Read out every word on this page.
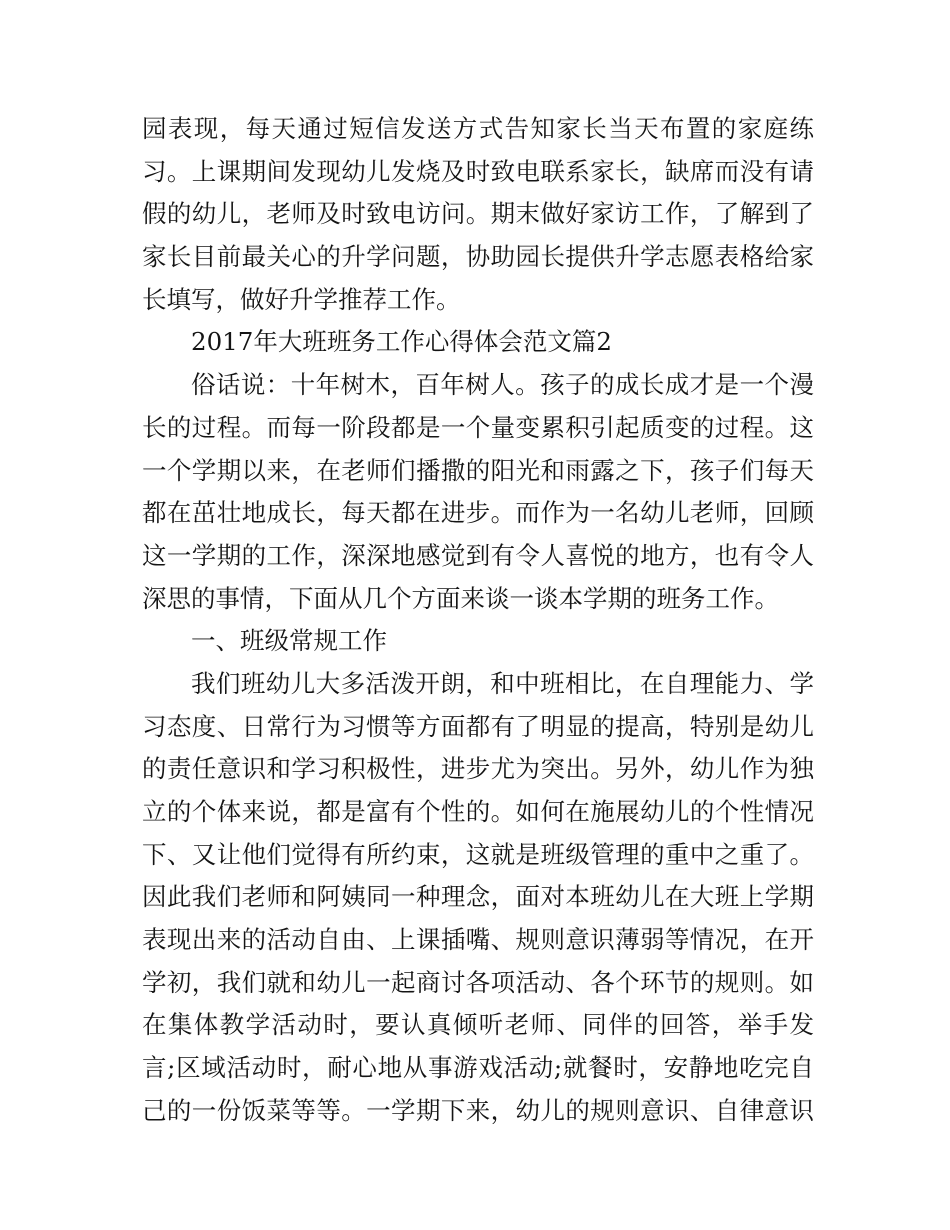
园表现，每天通过短信发送方式告知家长当天布置的家庭练
习。上课期间发现幼儿发烧及时致电联系家长，缺席而没有请
假的幼儿，老师及时致电访问。期末做好家访工作，了解到了
家长目前最关心的升学问题，协助园长提供升学志愿表格给家
长填写，做好升学推荐工作。
2017年大班班务工作心得体会范文篇2
俗话说：十年树木，百年树人。孩子的成长成才是一个漫
长的过程。而每一阶段都是一个量变累积引起质变的过程。这
一个学期以来，在老师们播撒的阳光和雨露之下，孩子们每天
都在茁壮地成长，每天都在进步。而作为一名幼儿老师，回顾
这一学期的工作，深深地感觉到有令人喜悦的地方，也有令人
深思的事情，下面从几个方面来谈一谈本学期的班务工作。
一、班级常规工作
我们班幼儿大多活泼开朗，和中班相比，在自理能力、学
习态度、日常行为习惯等方面都有了明显的提高，特别是幼儿
的责任意识和学习积极性，进步尤为突出。另外，幼儿作为独
立的个体来说，都是富有个性的。如何在施展幼儿的个性情况
下、又让他们觉得有所约束，这就是班级管理的重中之重了。
因此我们老师和阿姨同一种理念，面对本班幼儿在大班上学期
表现出来的活动自由、上课插嘴、规则意识薄弱等情况，在开
学初，我们就和幼儿一起商讨各项活动、各个环节的规则。如
在集体教学活动时，要认真倾听老师、同伴的回答，举手发
言;区域活动时，耐心地从事游戏活动;就餐时，安静地吃完自
己的一份饭菜等等。一学期下来，幼儿的规则意识、自律意识
